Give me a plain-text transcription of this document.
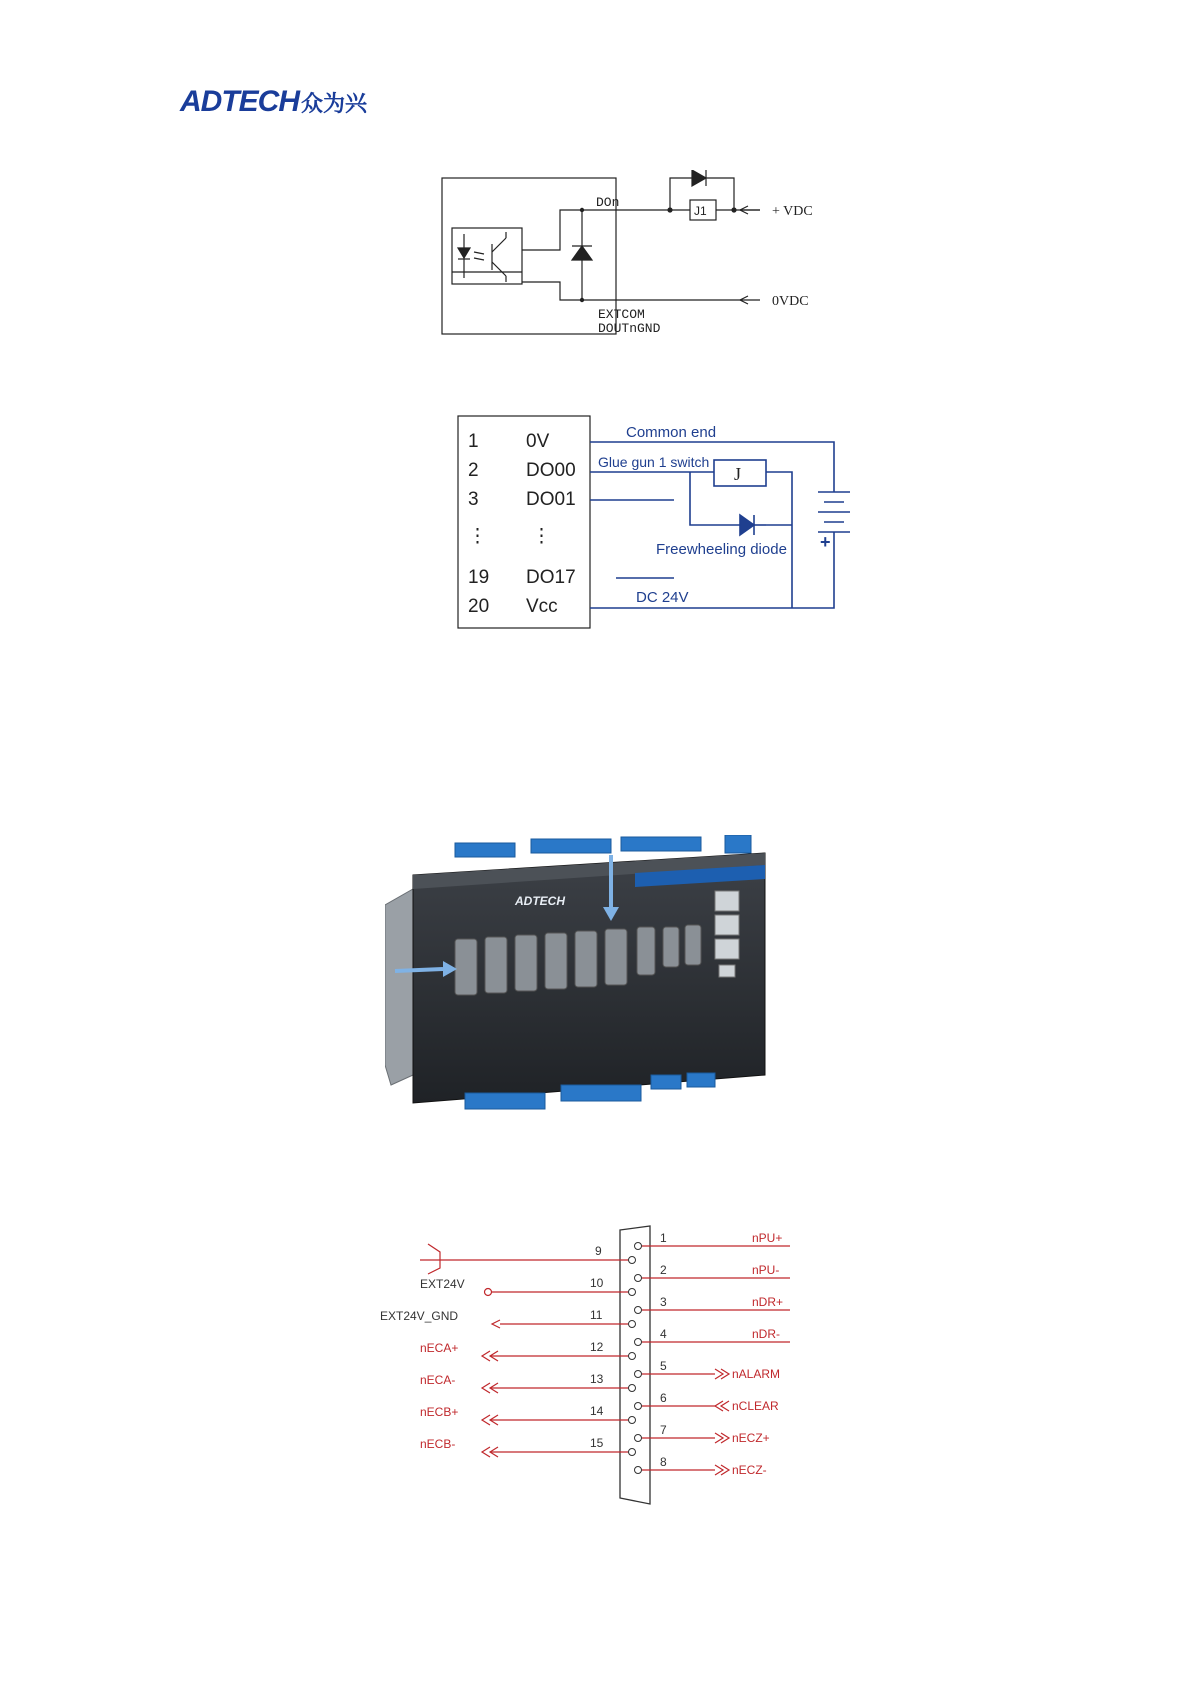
ADTECH 众为兴
DOn
J1	+ VDC
0VDC
EXTCOM
DOUTnGND
1 0V
2 DO00
3 DO01
⋮ ⋮
19 DO17
20 Vcc
+
J
Common end
Glue gun 1 switch
Freewheeling diode
DC 24V
ADTECH
9
10
11
12
13
14
15
EXT24V
EXT24V_GND
nECA+
nECA-
nECB+
nECB-
1
2
3
4
5
6
7
8
nPU+
nPU-
nDR+
nDR-
nALARM
nCLEAR
nECZ+
nECZ-
